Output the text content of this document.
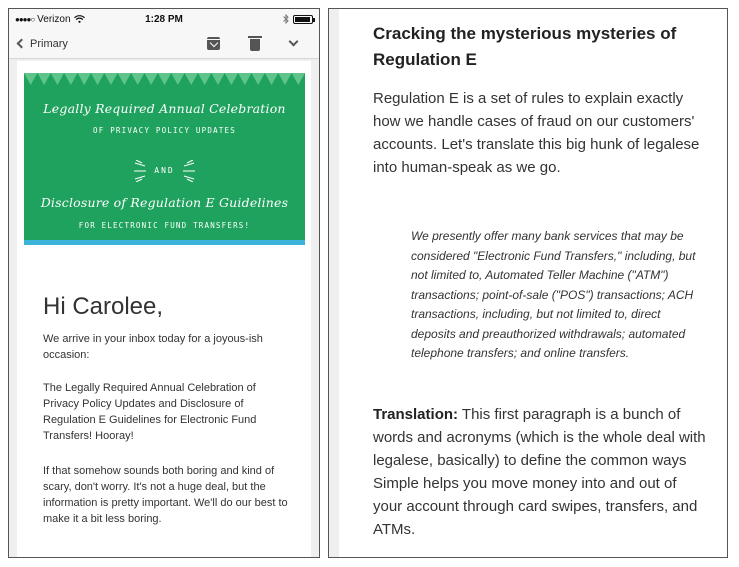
●●●●○ Verizon	1:28 PM
Primary
Legally Required Annual Celebration
OF PRIVACY POLICY UPDATES
AND
Disclosure of Regulation E Guidelines
FOR ELECTRONIC FUND TRANSFERS!
Hi Carolee,

We arrive in your inbox today for a joyous-ish occasion:

The Legally Required Annual Celebration of Privacy Policy Updates and Disclosure of Regulation E Guidelines for Electronic Fund Transfers! Hooray!

If that somehow sounds both boring and kind of scary, don't worry. It's not a huge deal, but the information is pretty important. We'll do our best to make it a bit less boring.

Cracking the mysterious mysteries of Regulation E

Regulation E is a set of rules to explain exactly how we handle cases of fraud on our customers' accounts. Let's translate this big hunk of legalese into human-speak as we go.

We presently offer many bank services that may be considered "Electronic Fund Transfers," including, but not limited to, Automated Teller Machine ("ATM") transactions; point-of-sale ("POS") transactions; ACH transactions, including, but not limited to, direct deposits and preauthorized withdrawals; automated telephone transfers; and online transfers.

Translation: This first paragraph is a bunch of words and acronyms (which is the whole deal with legalese, basically) to define the common ways Simple helps you move money into and out of your account through card swipes, transfers, and ATMs.
